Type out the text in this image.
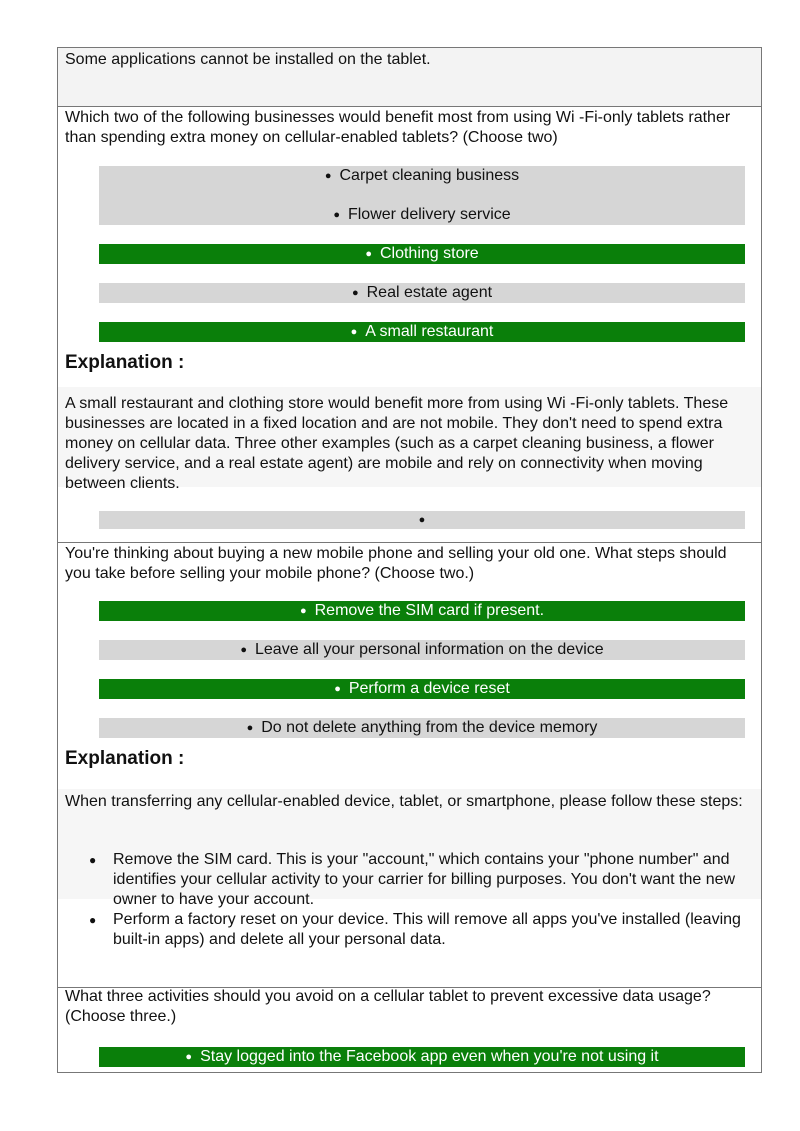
Some applications cannot be installed on the tablet.

Which two of the following businesses would benefit most from using Wi -Fi-only tablets rather than spending extra money on cellular-enabled tablets? (Choose two)

● Carpet cleaning business
● Flower delivery service
● Clothing store
● Real estate agent
● A small restaurant

Explanation :

A small restaurant and clothing store would benefit more from using Wi -Fi-only tablets. These businesses are located in a fixed location and are not mobile. They don't need to spend extra money on cellular data. Three other examples (such as a carpet cleaning business, a flower delivery service, and a real estate agent) are mobile and rely on connectivity when moving between clients.

●

You're thinking about buying a new mobile phone and selling your old one. What steps should you take before selling your mobile phone? (Choose two.)

● Remove the SIM card if present.
● Leave all your personal information on the device
● Perform a device reset
● Do not delete anything from the device memory

Explanation :

When transferring any cellular-enabled device, tablet, or smartphone, please follow these steps:

● Remove the SIM card. This is your "account," which contains your "phone number" and identifies your cellular activity to your carrier for billing purposes. You don't want the new owner to have your account.
● Perform a factory reset on your device. This will remove all apps you've installed (leaving built-in apps) and delete all your personal data.

What three activities should you avoid on a cellular tablet to prevent excessive data usage? (Choose three.)

● Stay logged into the Facebook app even when you're not using it
